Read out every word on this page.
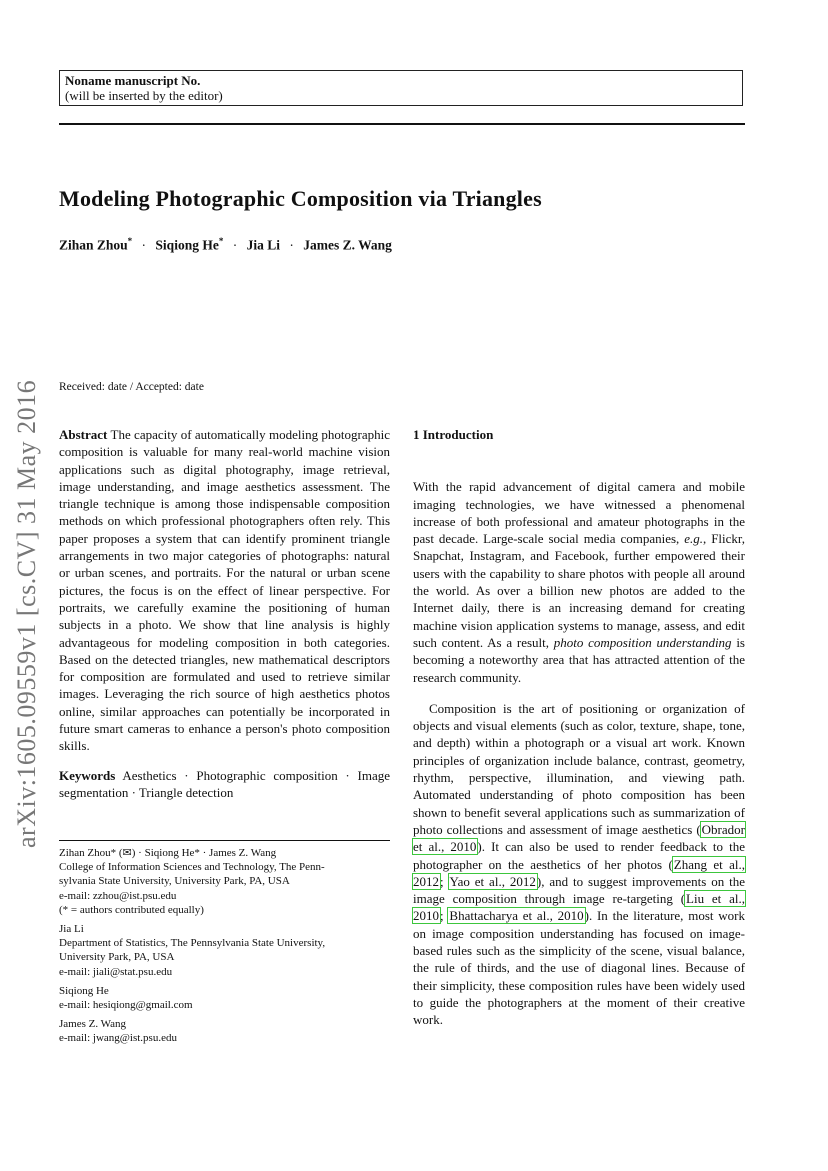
Noname manuscript No.
(will be inserted by the editor)
Modeling Photographic Composition via Triangles
Zihan Zhou* · Siqiong He* · Jia Li · James Z. Wang
arXiv:1605.09559v1 [cs.CV] 31 May 2016 Received: date / Accepted: date
Abstract The capacity of automatically modeling photographic composition is valuable for many real-world machine vision applications such as digital photography, image retrieval, image understanding, and image aesthetics assessment. The triangle technique is among those indispensable composition methods on which professional photographers often rely. This paper proposes a system that can identify prominent triangle arrangements in two major categories of photographs: natural or urban scenes, and portraits. For the natural or urban scene pictures, the focus is on the effect of linear perspective. For portraits, we carefully examine the positioning of human subjects in a photo. We show that line analysis is highly advantageous for modeling composition in both categories. Based on the detected triangles, new mathematical descriptors for composition are formulated and used to retrieve similar images. Leveraging the rich source of high aesthetics photos online, similar approaches can potentially be incorporated in future smart cameras to enhance a person's photo composition skills.
Keywords Aesthetics · Photographic composition · Image segmentation · Triangle detection
Zihan Zhou* (✉) · Siqiong He* · James Z. Wang
College of Information Sciences and Technology, The Penn-
sylvania State University, University Park, PA, USA
e-mail: zzhou@ist.psu.edu
(* = authors contributed equally)
Jia Li
Department of Statistics, The Pennsylvania State University,
University Park, PA, USA
e-mail: jiali@stat.psu.edu
Siqiong He
e-mail: hesiqiong@gmail.com
James Z. Wang
e-mail: jwang@ist.psu.edu
1 Introduction

With the rapid advancement of digital camera and mobile imaging technologies, we have witnessed a phenomenal increase of both professional and amateur photographs in the past decade. Large-scale social media companies, e.g., Flickr, Snapchat, Instagram, and Facebook, further empowered their users with the capability to share photos with people all around the world. As over a billion new photos are added to the Internet daily, there is an increasing demand for creating machine vision application systems to manage, assess, and edit such content. As a result, photo composition understanding is becoming a noteworthy area that has attracted attention of the research community.

Composition is the art of positioning or organization of objects and visual elements (such as color, texture, shape, tone, and depth) within a photograph or a visual art work. Known principles of organization include balance, contrast, geometry, rhythm, perspective, illumination, and viewing path. Automated understanding of photo composition has been shown to benefit several applications such as summarization of photo collections and assessment of image aesthetics (Obrador et al., 2010). It can also be used to render feedback to the photographer on the aesthetics of her photos (Zhang et al., 2012; Yao et al., 2012), and to suggest improvements on the image composition through image re-targeting (Liu et al., 2010; Bhattacharya et al., 2010). In the literature, most work on image composition understanding has focused on image-based rules such as the simplicity of the scene, visual balance, the rule of thirds, and the use of diagonal lines. Because of their simplicity, these composition rules have been widely used to guide the photographers at the moment of their creative work.
